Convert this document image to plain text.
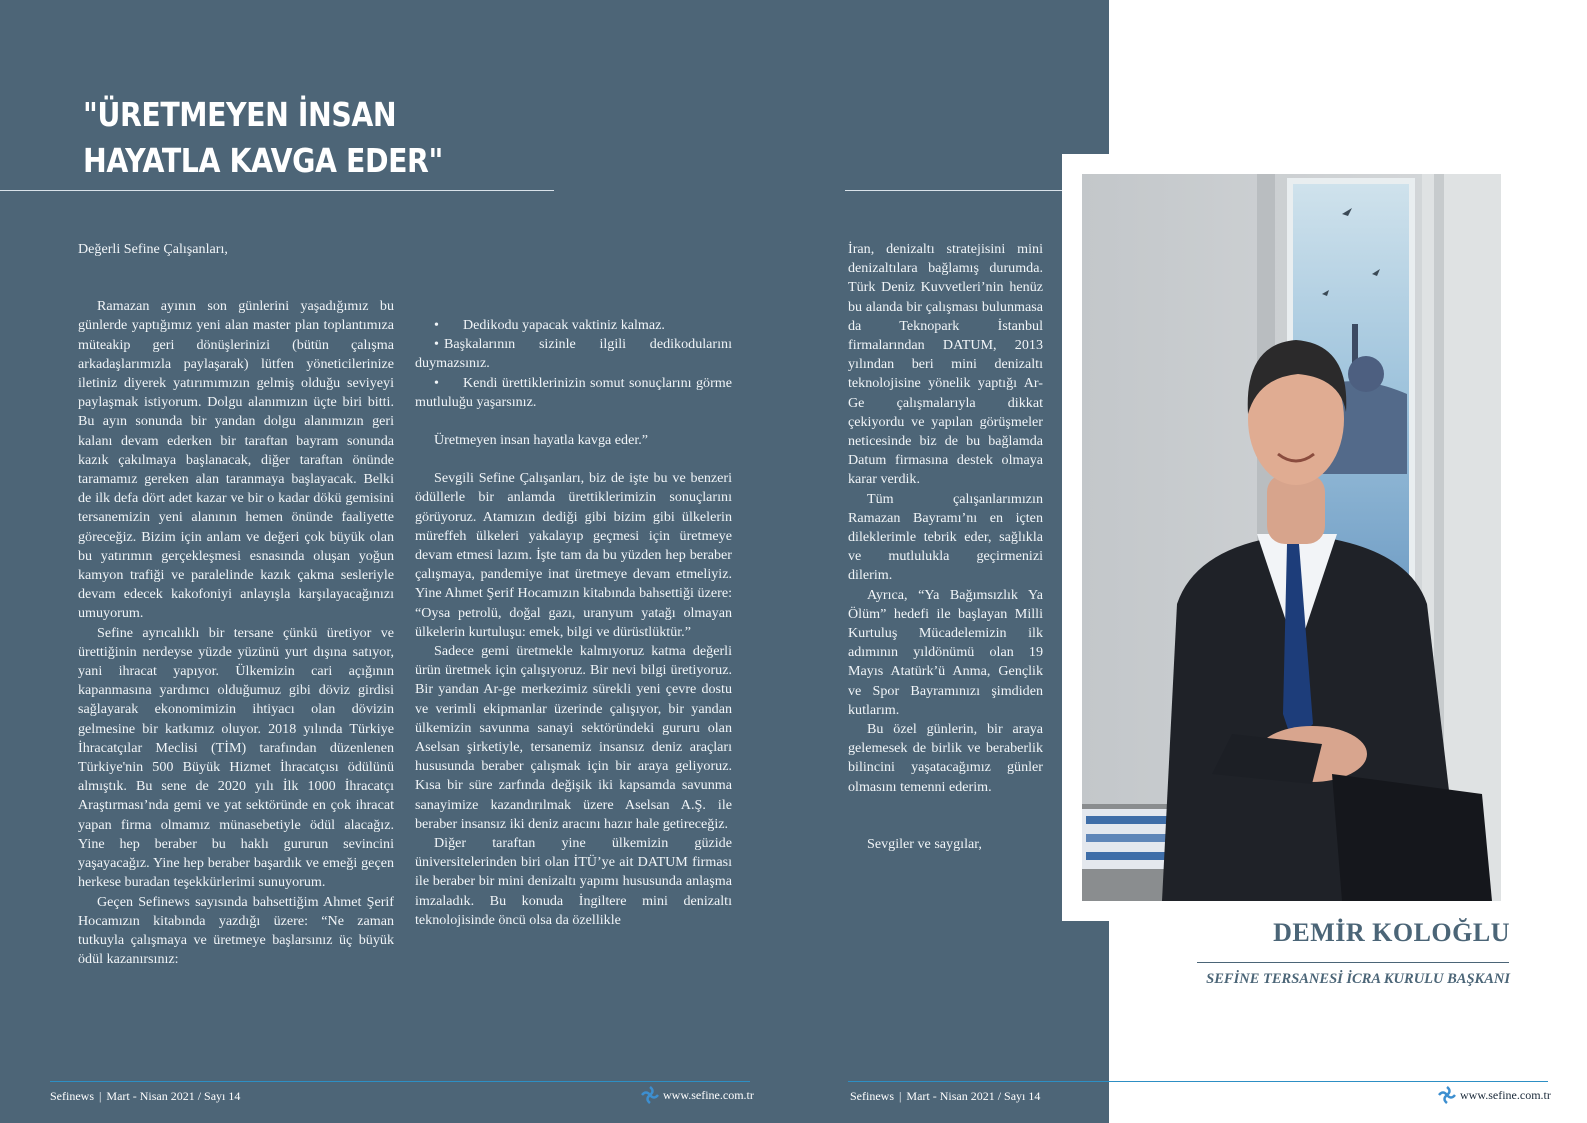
"ÜRETMEYEN İNSAN
HAYATLA KAVGA EDER"

Değerli Sefine Çalışanları,

Ramazan ayının son günlerini yaşadığımız bu günlerde yaptığımız yeni alan master plan toplantımıza müteakip geri dönüşlerinizi (bütün çalışma arkadaşlarımızla paylaşarak) lütfen yöneticilerinize iletiniz diyerek yatırımımızın gelmiş olduğu seviyeyi paylaşmak istiyorum. Dolgu alanımızın üçte biri bitti. Bu ayın sonunda bir yandan dolgu alanımızın geri kalanı devam ederken bir taraftan bayram sonunda kazık çakılmaya başlanacak, diğer taraftan önünde taramamız gereken alan taranmaya başlayacak. Belki de ilk defa dört adet kazar ve bir o kadar dökü gemisini tersanemizin yeni alanının hemen önünde faaliyette göreceğiz. Bizim için anlam ve değeri çok büyük olan bu yatırımın gerçekleşmesi esnasında oluşan yoğun kamyon trafiği ve paralelinde kazık çakma sesleriyle devam edecek kakofoniyi anlayışla karşılayacağınızı umuyorum.

Sefine ayrıcalıklı bir tersane çünkü üretiyor ve ürettiğinin nerdeyse yüzde yüzünü yurt dışına satıyor, yani ihracat yapıyor. Ülkemizin cari açığının kapanmasına yardımcı olduğumuz gibi döviz girdisi sağlayarak ekonomimizin ihtiyacı olan dövizin gelmesine bir katkımız oluyor. 2018 yılında Türkiye İhracatçılar Meclisi (TİM) tarafından düzenlenen Türkiye'nin 500 Büyük Hizmet İhracatçısı ödülünü almıştık. Bu sene de 2020 yılı İlk 1000 İhracatçı Araştırması’nda gemi ve yat sektöründe en çok ihracat yapan firma olmamız münasebetiyle ödül alacağız. Yine hep beraber bu haklı gururun sevincini yaşayacağız. Yine hep beraber başardık ve emeği geçen herkese buradan teşekkürlerimi sunuyorum.

Geçen Sefinews sayısında bahsettiğim Ahmet Şerif Hocamızın kitabında yazdığı üzere: “Ne zaman tutkuyla çalışmaya ve üretmeye başlarsınız üç büyük ödül kazanırsınız:

•	Dedikodu yapacak vaktiniz kalmaz.

• Başkalarının sizinle ilgili dedikodularını duymazsınız.

• Kendi ürettiklerinizin somut sonuçlarını görme mutluluğu yaşarsınız.

Üretmeyen insan hayatla kavga eder.”

Sevgili Sefine Çalışanları, biz de işte bu ve benzeri ödüllerle bir anlamda ürettiklerimizin sonuçlarını görüyoruz. Atamızın dediği gibi bizim gibi ülkelerin müreffeh ülkeleri yakalayıp geçmesi için üretmeye devam etmesi lazım. İşte tam da bu yüzden hep beraber çalışmaya, pandemiye inat üretmeye devam etmeliyiz. Yine Ahmet Şerif Hocamızın kitabında bahsettiği üzere: “Oysa petrolü, doğal gazı, uranyum yatağı olmayan ülkelerin kurtuluşu: emek, bilgi ve dürüstlüktür.”

Sadece gemi üretmekle kalmıyoruz katma değerli ürün üretmek için çalışıyoruz. Bir nevi bilgi üretiyoruz. Bir yandan Ar-ge merkezimiz sürekli yeni çevre dostu ve verimli ekipmanlar üzerinde çalışıyor, bir yandan ülkemizin savunma sanayi sektöründeki gururu olan Aselsan şirketiyle, tersanemiz insansız deniz araçları hususunda beraber çalışmak için bir araya geliyoruz. Kısa bir süre zarfında değişik iki kapsamda savunma sanayimize kazandırılmak üzere Aselsan A.Ş. ile beraber insansız iki deniz aracını hazır hale getireceğiz.

Diğer taraftan yine ülkemizin güzide üniversitelerinden biri olan İTÜ’ye ait DATUM firması ile beraber bir mini denizaltı yapımı hususunda anlaşma imzaladık. Bu konuda İngiltere mini denizaltı teknolojisinde öncü olsa da özellikle

İran, denizaltı stratejisini mini denizaltılara bağlamış durumda. Türk Deniz Kuvvetleri’nin henüz bu alanda bir çalışması bulunmasa da Teknopark İstanbul firmalarından DATUM, 2013 yılından beri mini denizaltı teknolojisine yönelik yaptığı Ar-Ge çalışmalarıyla dikkat çekiyordu ve yapılan görüşmeler neticesinde biz de bu bağlamda Datum firmasına destek olmaya karar verdik.

Tüm çalışanlarımızın Ramazan Bayramı’nı en içten dileklerimle tebrik eder, sağlıkla ve mutlulukla geçirmenizi dilerim.

Ayrıca, “Ya Bağımsızlık Ya Ölüm” hedefi ile başlayan Milli Kurtuluş Mücadelemizin ilk adımının yıldönümü olan 19 Mayıs Atatürk’ü Anma, Gençlik ve Spor Bayramınızı şimdiden kutlarım.

Bu özel günlerin, bir araya gelemesek de birlik ve beraberlik bilincini yaşatacağımız günler olmasını temenni ederim.

Sevgiler ve saygılar,

DEMİR KOLOĞLU
SEFİNE TERSANESİ İCRA KURULU BAŞKANI
Sefinews | Mart - Nisan 2021 / Sayı 14	www.sefine.com.tr	Sefinews | Mart - Nisan 2021 / Sayı 14	www.sefine.com.tr
